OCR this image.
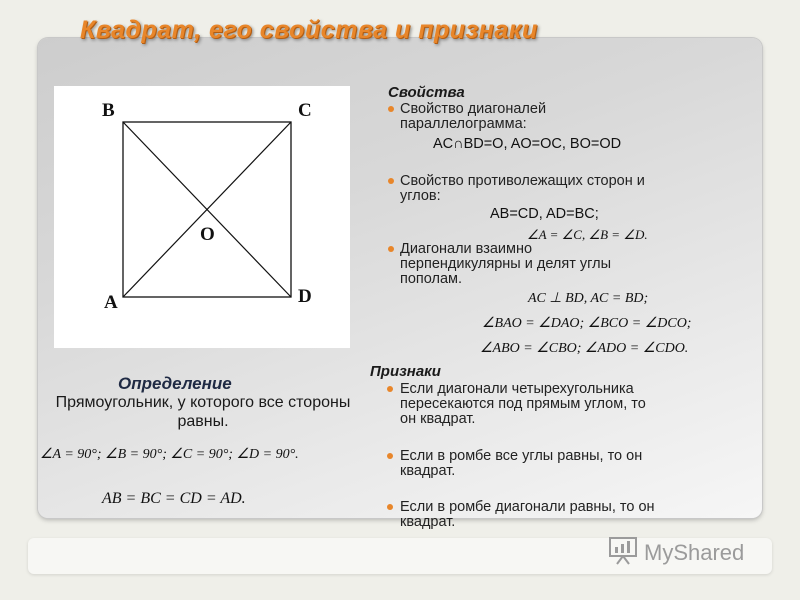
Квадрат, его свойства и признаки
B	C
A	D
O
Свойства
Свойство диагоналей
параллелограмма:
AC∩BD=O, AO=OC, BO=OD
Свойство противолежащих сторон и
углов:
AB=CD, AD=BC;
∠A = ∠C, ∠B = ∠D.
Диагонали взаимно
перпендикулярны и делят углы
пополам.
AC ⊥ BD, AC = BD;
∠BAO = ∠DAO; ∠BCO = ∠DCO;
∠ABO = ∠CBO; ∠ADO = ∠CDO.
Определение
Прямоугольник, у которого все стороны равны.
∠A = 90°; ∠B = 90°; ∠C = 90°; ∠D = 90°.
AB = BC = CD = AD.
Признаки
Если диагонали четырехугольника
пересекаются под прямым углом, то
он квадрат.
Если в ромбе все углы равны, то он
квадрат.
Если в ромбе диагонали равны, то он
квадрат.
MyShared
